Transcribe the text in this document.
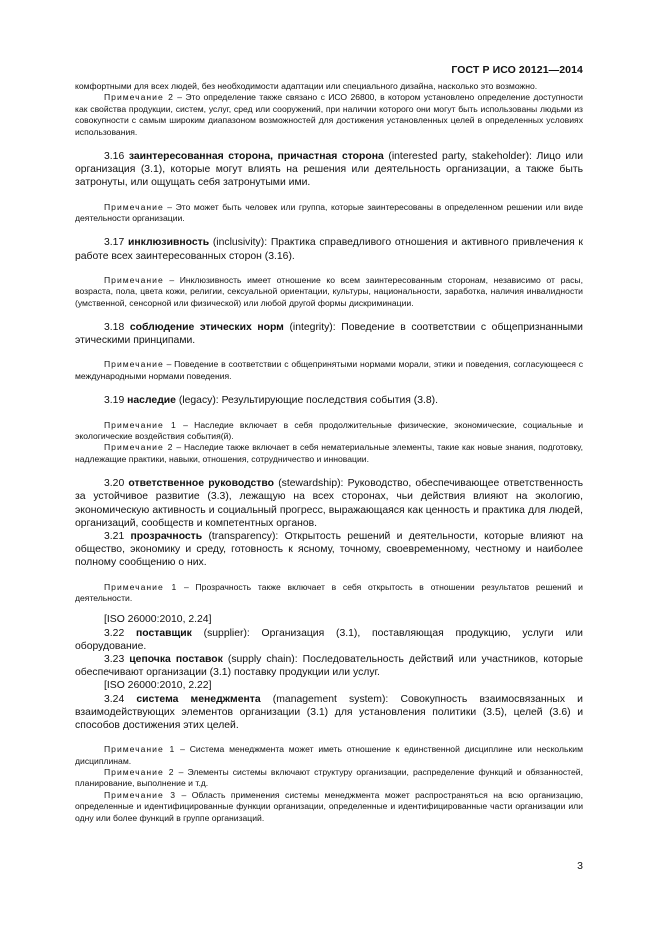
ГОСТ Р ИСО 20121—2014

комфортными для всех людей, без необходимости адаптации или специального дизайна, насколько это возможно.

Примечание 2 – Это определение также связано с ИСО 26800, в котором установлено определение доступности как свойства продукции, систем, услуг, сред или сооружений, при наличии которого они могут быть использованы людьми из совокупности с самым широким диапазоном возможностей для достижения установленных целей в определенных условиях использования.

3.16 заинтересованная сторона, причастная сторона (interested party, stakeholder): Лицо или организация (3.1), которые могут влиять на решения или деятельность организации, а также быть затронуты, или ощущать себя затронутыми ими.

Примечание – Это может быть человек или группа, которые заинтересованы в определенном решении или виде деятельности организации.

3.17 инклюзивность (inclusivity): Практика справедливого отношения и активного привлечения к работе всех заинтересованных сторон (3.16).

Примечание – Инклюзивность имеет отношение ко всем заинтересованным сторонам, независимо от расы, возраста, пола, цвета кожи, религии, сексуальной ориентации, культуры, национальности, заработка, наличия инвалидности (умственной, сенсорной или физической) или любой другой формы дискриминации.

3.18 соблюдение этических норм (integrity): Поведение в соответствии с общепризнанными этическими принципами.

Примечание – Поведение в соответствии с общепринятыми нормами морали, этики и поведения, согласующееся с международными нормами поведения.

3.19 наследие (legacy): Результирующие последствия события (3.8).

Примечание 1 – Наследие включает в себя продолжительные физические, экономические, социальные и экологические воздействия события(й).

Примечание 2 – Наследие также включает в себя нематериальные элементы, такие как новые знания, подготовку, надлежащие практики, навыки, отношения, сотрудничество и инновации.

3.20 ответственное руководство (stewardship): Руководство, обеспечивающее ответственность за устойчивое развитие (3.3), лежащую на всех сторонах, чьи действия влияют на экологию, экономическую активность и социальный прогресс, выражающаяся как ценность и практика для людей, организаций, сообществ и компетентных органов.

3.21 прозрачность (transparency): Открытость решений и деятельности, которые влияют на общество, экономику и среду, готовность к ясному, точному, своевременному, честному и наиболее полному сообщению о них.

Примечание 1 – Прозрачность также включает в себя открытость в отношении результатов решений и деятельности.

[ISO 26000:2010, 2.24]

3.22 поставщик (supplier): Организация (3.1), поставляющая продукцию, услуги или оборудование.

3.23 цепочка поставок (supply chain): Последовательность действий или участников, которые обеспечивают организации (3.1) поставку продукции или услуг.

[ISO 26000:2010, 2.22]

3.24 система менеджмента (management system): Совокупность взаимосвязанных и взаимодействующих элементов организации (3.1) для установления политики (3.5), целей (3.6) и способов достижения этих целей.

Примечание 1 – Система менеджмента может иметь отношение к единственной дисциплине или нескольким дисциплинам.

Примечание 2 – Элементы системы включают структуру организации, распределение функций и обязанностей, планирование, выполнение и т.д.

Примечание 3 – Область применения системы менеджмента может распространяться на всю организацию, определенные и идентифицированные функции организации, определенные и идентифицированные части организации или одну или более функций в группе организаций.

3
